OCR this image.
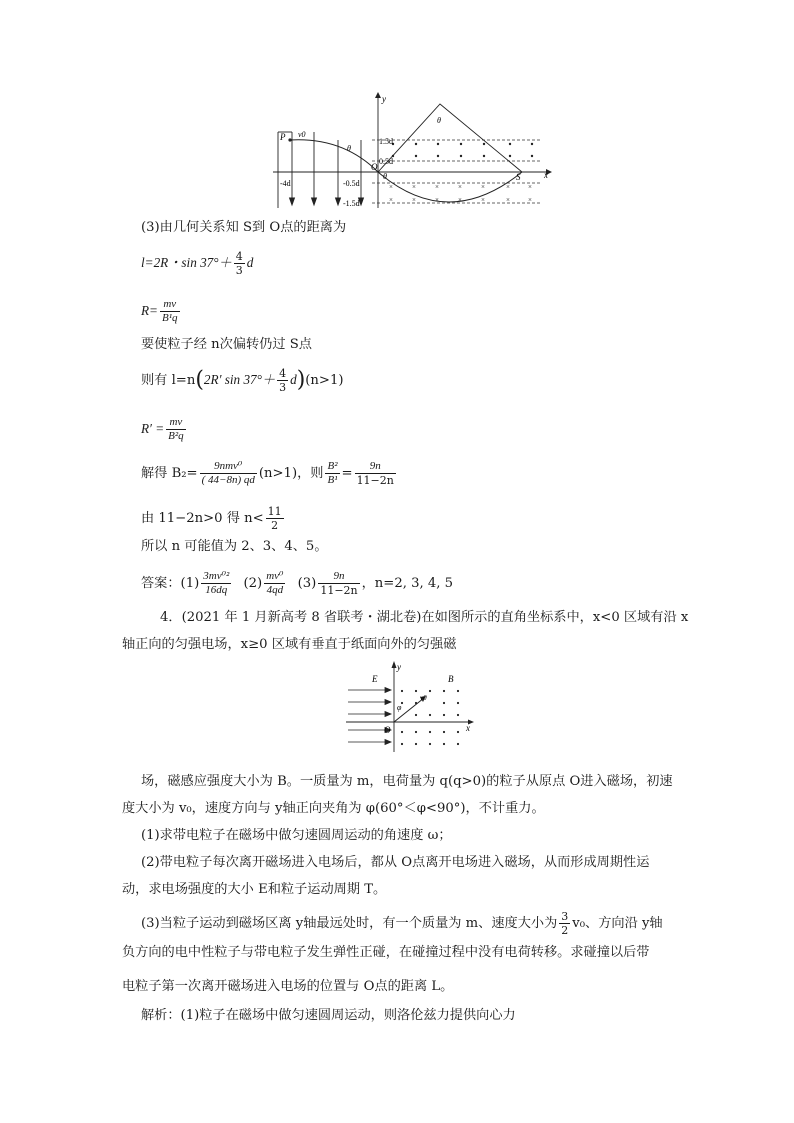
×	×	×	×	×	×	×
×	×	×	×	×	×	×
P v0
θ
θ
θ
O
S	x
y
1.5d
0.5d
-0.5d
-1.5d
-4d
(3)由几何关系知 S到 O点的距离为
l=2R・$\sin 37^\circ+ \frac{4}{3}$ d
$R= \frac{mv}{\text{B¹q}}$
要使粒子经 n次偏转仍过 S点
则有 l=n(2R′ $\sin 37^\circ+ \frac{4}{3} d)(n>1)$
$R' = \frac{mv}{\text{B²q}}$
解得 $B_2= \frac{\text{9nmv⁰}}{( 44-8n) qd} (n>1)$，则 $\frac{\text{B²}}{\text{B¹}} = \frac{9n}{11-2n}$
由 11−2n>0 得 $n< \frac{11}{2}$
所以 n 可能值为 2、3、4、5。
答案：$(1) \frac{\text{3mv⁰²}}{16dq} (2) \frac{\text{mv⁰}}{4qd} (3) \frac{9n}{11-2n}$ ，n=2, 3, 4, 5
4．(2021 年 1 月新高考 8 省联考・湖北卷)在如图所示的直角坐标系中，x<0 区域有沿 x
轴正向的匀强电场，x≥0 区域有垂直于纸面向外的匀强磁
E	B
y
x
O
v0
φ
场，磁感应强度大小为 B。一质量为 m，电荷量为 q(q>0)的粒子从原点 O进入磁场，初速
度大小为 v₀，速度方向与 y轴正向夹角为 φ(60°＜φ<90°)，不计重力。
(1)求带电粒子在磁场中做匀速圆周运动的角速度 ω；
(2)带电粒子每次离开磁场进入电场后，都从 O点离开电场进入磁场，从而形成周期性运
动，求电场强度的大小 E和粒子运动周期 T。
(3)当粒子运动到磁场区离 y轴最远处时，有一个质量为 m、速度大小为 $\frac{3}{2} v_0$、方向沿 y轴
负方向的电中性粒子与带电粒子发生弹性正碰，在碰撞过程中没有电荷转移。求碰撞以后带
电粒子第一次离开磁场进入电场的位置与 O点的距离 L。
解析：(1)粒子在磁场中做匀速圆周运动，则洛伦兹力提供向心力
